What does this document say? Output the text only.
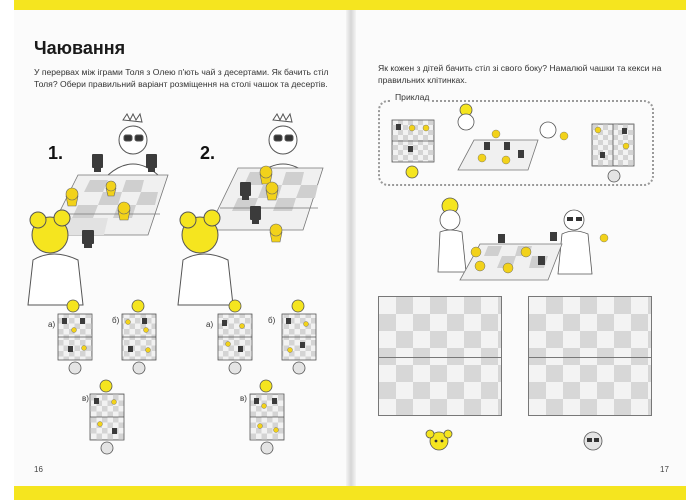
Чаювання
У перервах між іграми Толя з Олею п'ють чай з десертами. Як бачить стіл Толя? Обери правильний варіант розміщення на столі чашок та десертів.
1.	2.
а)	б)
в)
а)	б)
в)
16
Як кожен з дітей бачить стіл зі свого боку? Намалюй чашки та кекси на правильних клітинках.
Приклад
17
